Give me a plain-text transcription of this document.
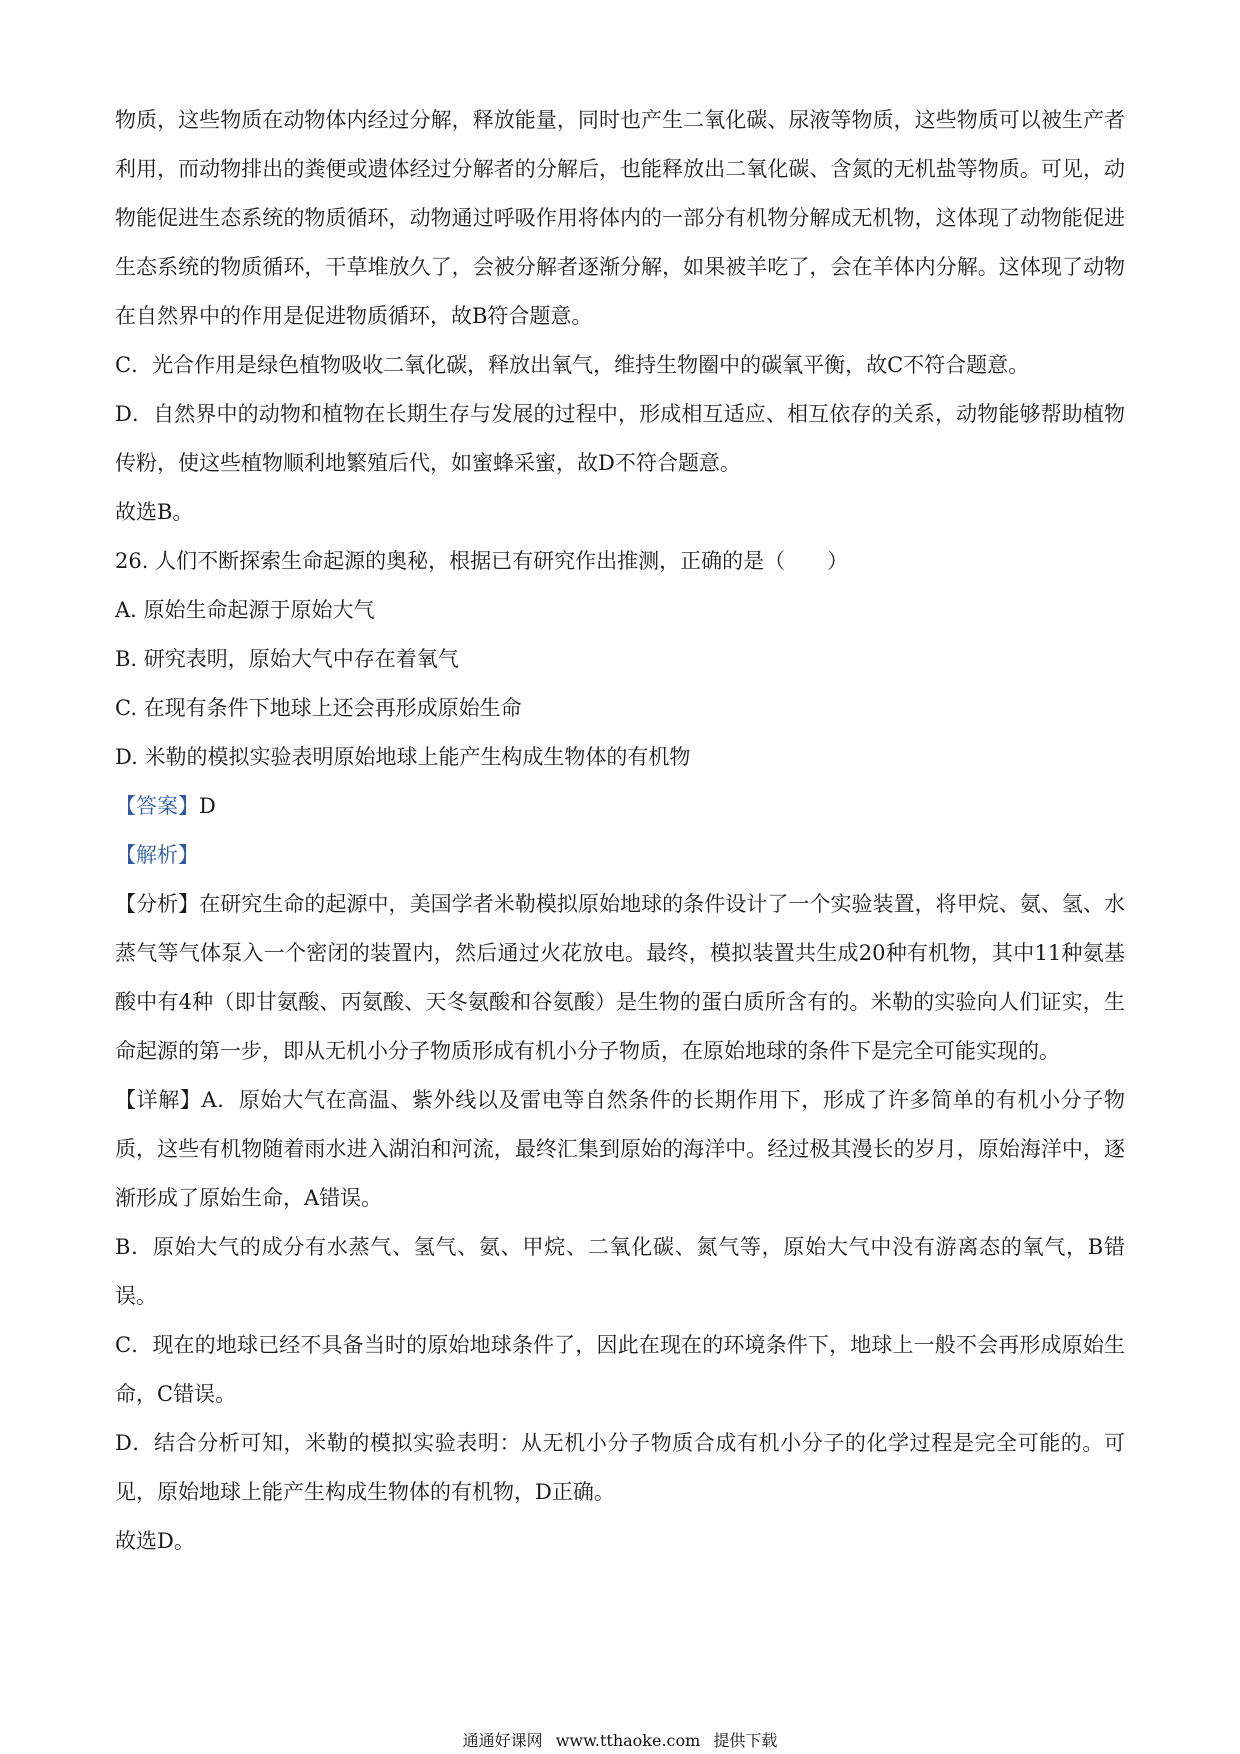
物质，这些物质在动物体内经过分解，释放能量，同时也产生二氧化碳、尿液等物质，这些物质可以被生产者利用，而动物排出的粪便或遗体经过分解者的分解后，也能释放出二氧化碳、含氮的无机盐等物质。可见，动物能促进生态系统的物质循环，动物通过呼吸作用将体内的一部分有机物分解成无机物，这体现了动物能促进生态系统的物质循环，干草堆放久了，会被分解者逐渐分解，如果被羊吃了，会在羊体内分解。这体现了动物在自然界中的作用是促进物质循环，故B符合题意。

C．光合作用是绿色植物吸收二氧化碳，释放出氧气，维持生物圈中的碳氧平衡，故C不符合题意。

D．自然界中的动物和植物在长期生存与发展的过程中，形成相互适应、相互依存的关系，动物能够帮助植物传粉，使这些植物顺利地繁殖后代，如蜜蜂采蜜，故D不符合题意。

故选B。

26. 人们不断探索生命起源的奥秘，根据已有研究作出推测，正确的是（　　）

A. 原始生命起源于原始大气

B. 研究表明，原始大气中存在着氧气

C. 在现有条件下地球上还会再形成原始生命

D. 米勒的模拟实验表明原始地球上能产生构成生物体的有机物

【答案】D

【解析】

【分析】在研究生命的起源中，美国学者米勒模拟原始地球的条件设计了一个实验装置，将甲烷、氨、氢、水蒸气等气体泵入一个密闭的装置内，然后通过火花放电。最终，模拟装置共生成20种有机物，其中11种氨基酸中有4种（即甘氨酸、丙氨酸、天冬氨酸和谷氨酸）是生物的蛋白质所含有的。米勒的实验向人们证实，生命起源的第一步，即从无机小分子物质形成有机小分子物质，在原始地球的条件下是完全可能实现的。

【详解】A．原始大气在高温、紫外线以及雷电等自然条件的长期作用下，形成了许多简单的有机小分子物质，这些有机物随着雨水进入湖泊和河流，最终汇集到原始的海洋中。经过极其漫长的岁月，原始海洋中，逐渐形成了原始生命，A错误。

B．原始大气的成分有水蒸气、氢气、氨、甲烷、二氧化碳、氮气等，原始大气中没有游离态的氧气，B错误。

C．现在的地球已经不具备当时的原始地球条件了，因此在现在的环境条件下，地球上一般不会再形成原始生命，C错误。

D．结合分析可知，米勒的模拟实验表明：从无机小分子物质合成有机小分子的化学过程是完全可能的。可见，原始地球上能产生构成生物体的有机物，D正确。

故选D。

通通好课网 www.tthaoke.com 提供下载
